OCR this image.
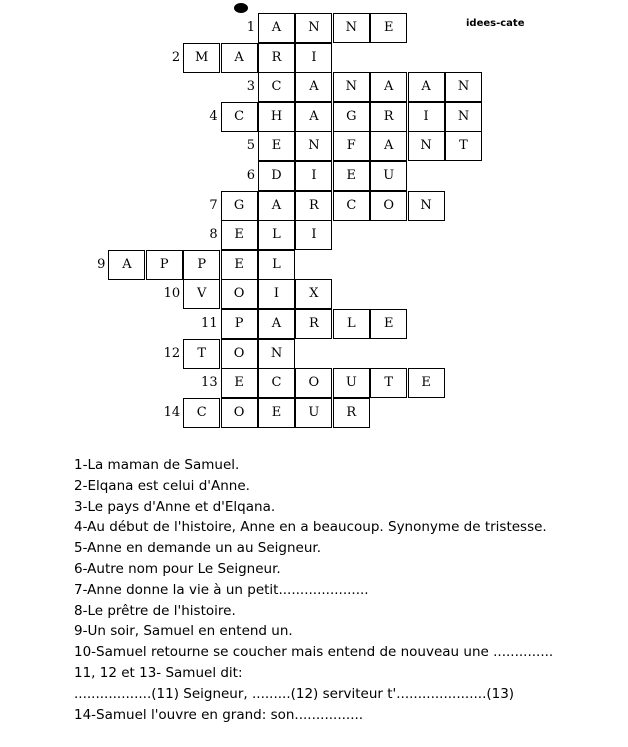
idees-cate
1	A	N	N	E
2	M	A	R	I
3	C	A	N	A	A	N
4	C	H	A	G	R	I	N
5	E	N	F	A	N	T
6	D	I	E	U
7	G	A	R	C	O	N
8	E	L	I
9	A	P	P	E	L
10	V	O	I	X
11	P	A	R	L	E
12	T	O	N
13	E	C	O	U	T	E
14	C	O	E	U	R
1-La maman de Samuel.
2-Elqana est celui d'Anne.
3-Le pays d'Anne et d'Elqana.
4-Au début de l'histoire, Anne en a beaucoup. Synonyme de tristesse.
5-Anne en demande un au Seigneur.
6-Autre nom pour Le Seigneur.
7-Anne donne la vie à un petit.....................
8-Le prêtre de l'histoire.
9-Un soir, Samuel en entend un.
10-Samuel retourne se coucher mais entend de nouveau une ..............
11, 12 et 13- Samuel dit:
..................(11) Seigneur, .........(12) serviteur t'.....................(13)
14-Samuel l'ouvre en grand: son................
